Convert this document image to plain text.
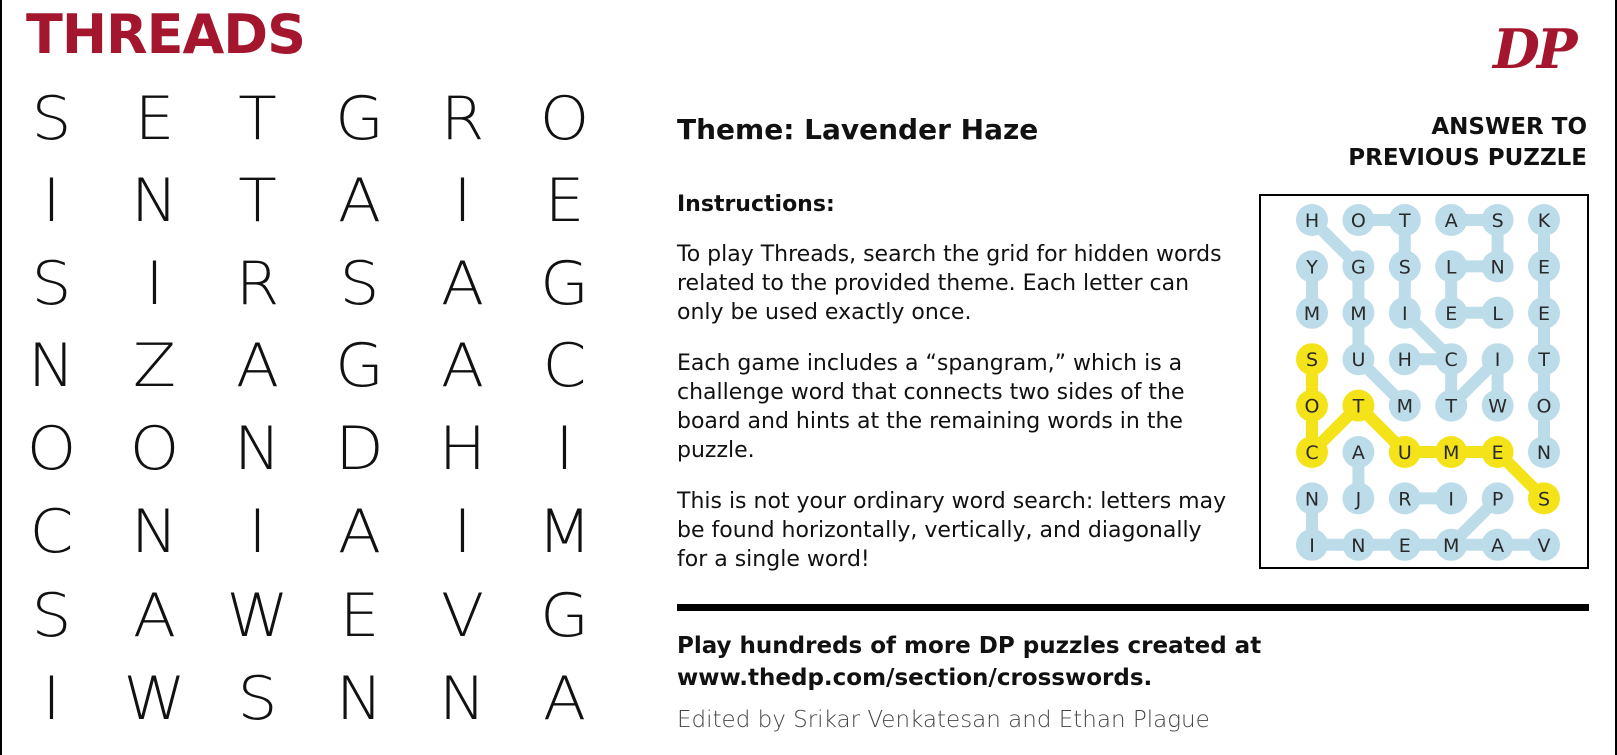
THREADS	DP
S	E	T G R O
I	N	T	A	I	E
S	I	R	S	A G
N Z A G A C
O O N D H	I
C N	I	A	I	M
S	A W E	V G
I	W S N N A
Theme: Lavender Haze
Instructions:

To play Threads, search the grid for hidden words related to the provided theme. Each letter can only be used exactly once.

Each game includes a “spangram,” which is a challenge word that connects two sides of the board and hints at the remaining words in the puzzle.

This is not your ordinary word search: letters may be found horizontally, vertically, and diagonally for a single word!

ANSWER TO
PREVIOUS PUZZLE
H O T A S K
Y G S L N E
M M I E L E
S U H C I T
O T M T W O
C A U M E N
N J R I P S
I N E M A V
Play hundreds of more DP puzzles created at
www.thedp.com/section/crosswords.
Edited by Srikar Venkatesan and Ethan Plague
